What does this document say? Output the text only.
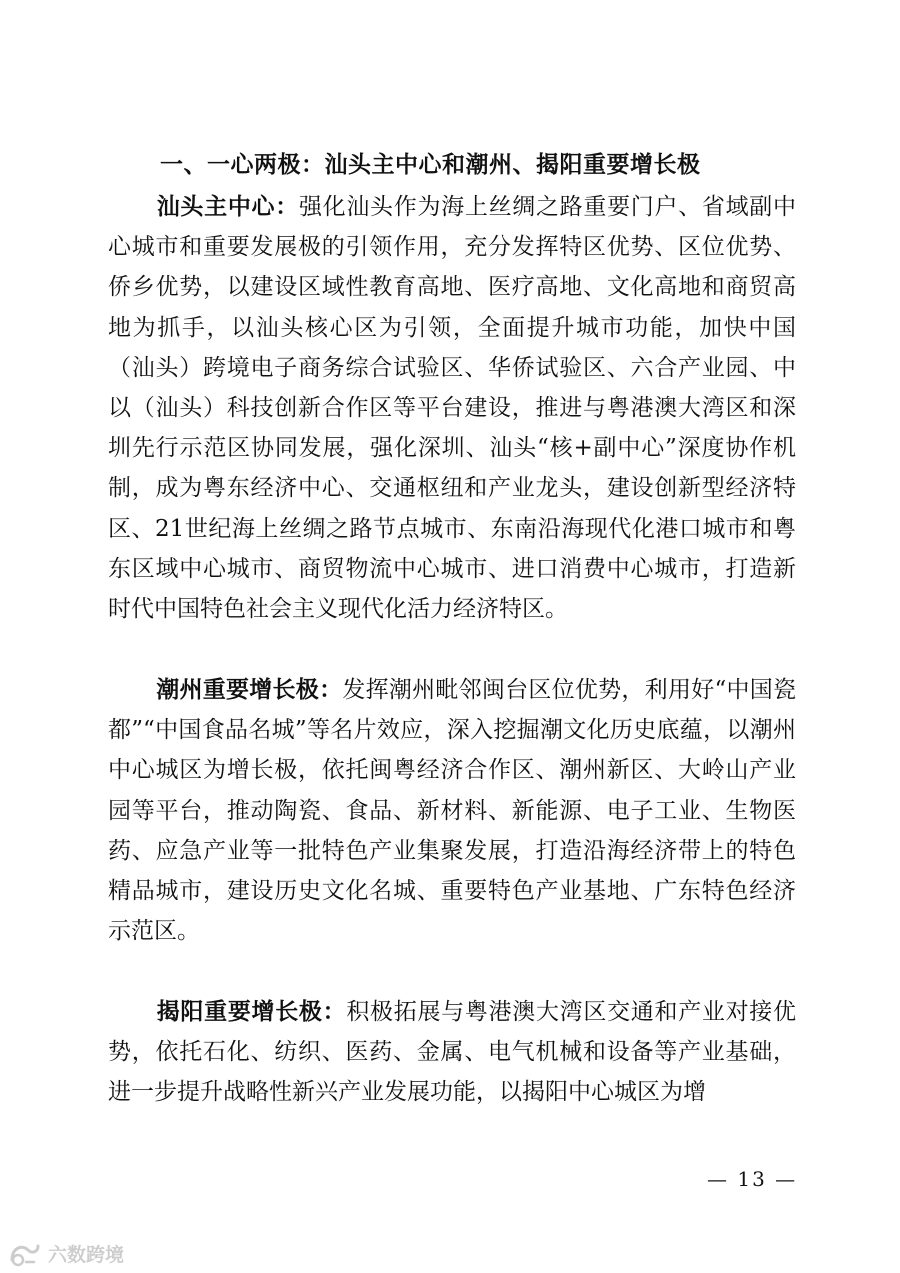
一、一心两极：汕头主中心和潮州、揭阳重要增长极
汕头主中心：强化汕头作为海上丝绸之路重要门户、省域副中心城市和重要发展极的引领作用，充分发挥特区优势、区位优势、侨乡优势，以建设区域性教育高地、医疗高地、文化高地和商贸高地为抓手，以汕头核心区为引领，全面提升城市功能，加快中国（汕头）跨境电子商务综合试验区、华侨试验区、六合产业园、中以（汕头）科技创新合作区等平台建设，推进与粤港澳大湾区和深圳先行示范区协同发展，强化深圳、汕头“核+副中心”深度协作机制，成为粤东经济中心、交通枢纽和产业龙头，建设创新型经济特区、21世纪海上丝绸之路节点城市、东南沿海现代化港口城市和粤东区域中心城市、商贸物流中心城市、进口消费中心城市，打造新时代中国特色社会主义现代化活力经济特区。
潮州重要增长极：发挥潮州毗邻闽台区位优势，利用好“中国瓷都”“中国食品名城”等名片效应，深入挖掘潮文化历史底蕴，以潮州中心城区为增长极，依托闽粤经济合作区、潮州新区、大岭山产业园等平台，推动陶瓷、食品、新材料、新能源、电子工业、生物医药、应急产业等一批特色产业集聚发展，打造沿海经济带上的特色精品城市，建设历史文化名城、重要特色产业基地、广东特色经济示范区。
揭阳重要增长极：积极拓展与粤港澳大湾区交通和产业对接优势，依托石化、纺织、医药、金属、电气机械和设备等产业基础，进一步提升战略性新兴产业发展功能，以揭阳中心城区为增
— 13 —
六数跨境
